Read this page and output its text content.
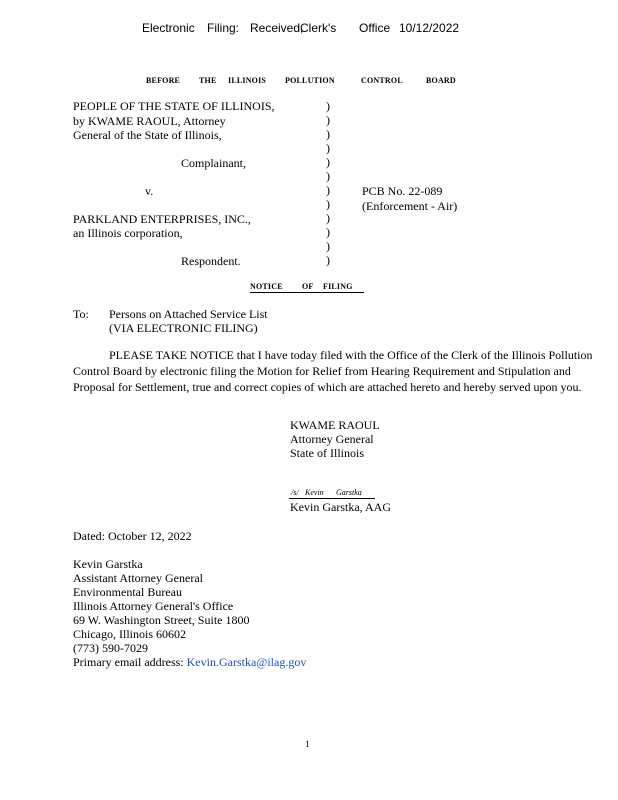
Electronic Filing: Received,
Clerk's Office 10/12/2022
BEFORE THE ILLINOIS POLLUTION	CONTROL	BOARD
PEOPLE OF THE STATE OF ILLINOIS,
by KWAME RAOUL, Attorney
General of the State of Illinois,
Complainant,
v.
PARKLAND ENTERPRISES, INC.,
an Illinois corporation,
Respondent.
)
)
)
)
)
)
)
)
)
)
)
)
PCB No. 22-089
(Enforcement - Air)
NOTICE OF FILING
To: Persons on Attached Service List
(VIA ELECTRONIC FILING)
PLEASE TAKE NOTICE that I have today filed with the Office of the Clerk of the Illinois Pollution Control Board by electronic filing the Motion for Relief from Hearing Requirement and Stipulation and Proposal for Settlement, true and correct copies of which are attached hereto and hereby served upon you.
KWAME RAOUL
Attorney General
State of Illinois
/s/ Kevin Garstka
Kevin Garstka, AAG
Dated: October 12, 2022
Kevin Garstka
Assistant Attorney General
Environmental Bureau
Illinois Attorney General's Office
69 W. Washington Street, Suite 1800
Chicago, Illinois 60602
(773) 590-7029
Primary email address: Kevin.Garstka@ilag.gov
1
